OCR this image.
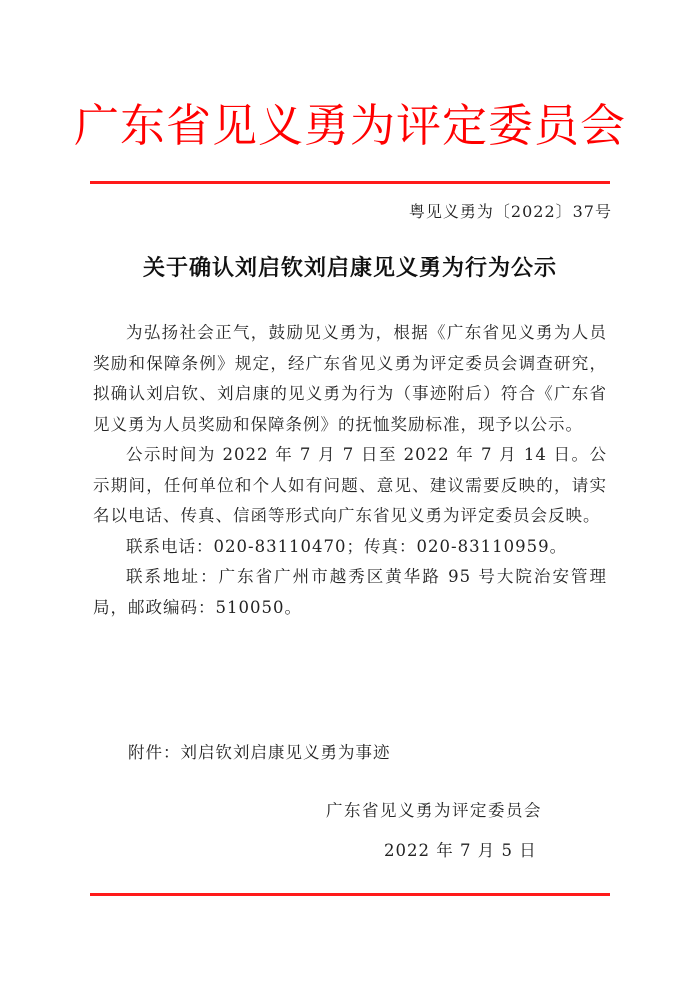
广东省见义勇为评定委员会
粤见义勇为〔2022〕37号
关于确认刘启钦刘启康见义勇为行为公示

为弘扬社会正气，鼓励见义勇为，根据《广东省见义勇为人员奖励和保障条例》规定，经广东省见义勇为评定委员会调查研究，拟确认刘启钦、刘启康的见义勇为行为（事迹附后）符合《广东省见义勇为人员奖励和保障条例》的抚恤奖励标准，现予以公示。

公示时间为 2022 年 7 月 7 日至 2022 年 7 月 14 日。公示期间，任何单位和个人如有问题、意见、建议需要反映的，请实名以电话、传真、信函等形式向广东省见义勇为评定委员会反映。

联系电话：020-83110470；传真：020-83110959。

联系地址：广东省广州市越秀区黄华路 95 号大院治安管理局，邮政编码：510050。

附件：刘启钦刘启康见义勇为事迹
广东省见义勇为评定委员会
2022 年 7 月 5 日
